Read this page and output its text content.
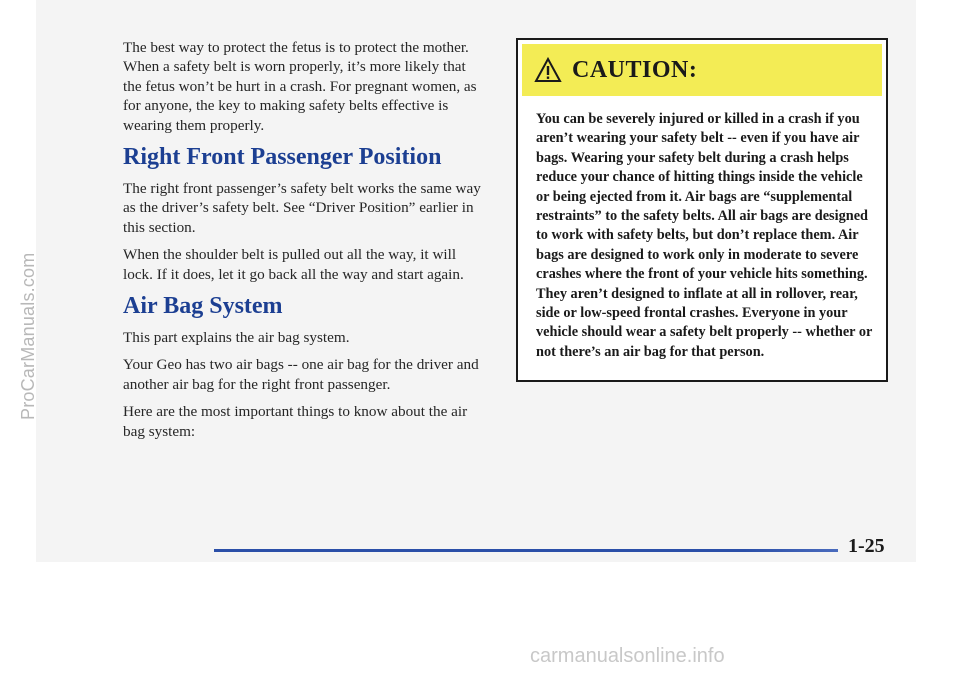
ProCarManuals.com

The best way to protect the fetus is to protect the mother. When a safety belt is worn properly, it’s more likely that the fetus won’t be hurt in a crash. For pregnant women, as for anyone, the key to making safety belts effective is wearing them properly.

Right Front Passenger Position

The right front passenger’s safety belt works the same way as the driver’s safety belt. See “Driver Position” earlier in this section.

When the shoulder belt is pulled out all the way, it will lock. If it does, let it go back all the way and start again.

Air Bag System

This part explains the air bag system.

Your Geo has two air bags -- one air bag for the driver and another air bag for the right front passenger.

Here are the most important things to know about the air bag system:

CAUTION:
You can be severely injured or killed in a crash if you aren’t wearing your safety belt -- even if you have air bags. Wearing your safety belt during a crash helps reduce your chance of hitting things inside the vehicle or being ejected from it. Air bags are “supplemental restraints” to the safety belts. All air bags are designed to work with safety belts, but don’t replace them. Air bags are designed to work only in moderate to severe crashes where the front of your vehicle hits something. They aren’t designed to inflate at all in rollover, rear, side or low-speed frontal crashes. Everyone in your vehicle should wear a safety belt properly -- whether or not there’s an air bag for that person.
1-25
carmanualsonline.info
